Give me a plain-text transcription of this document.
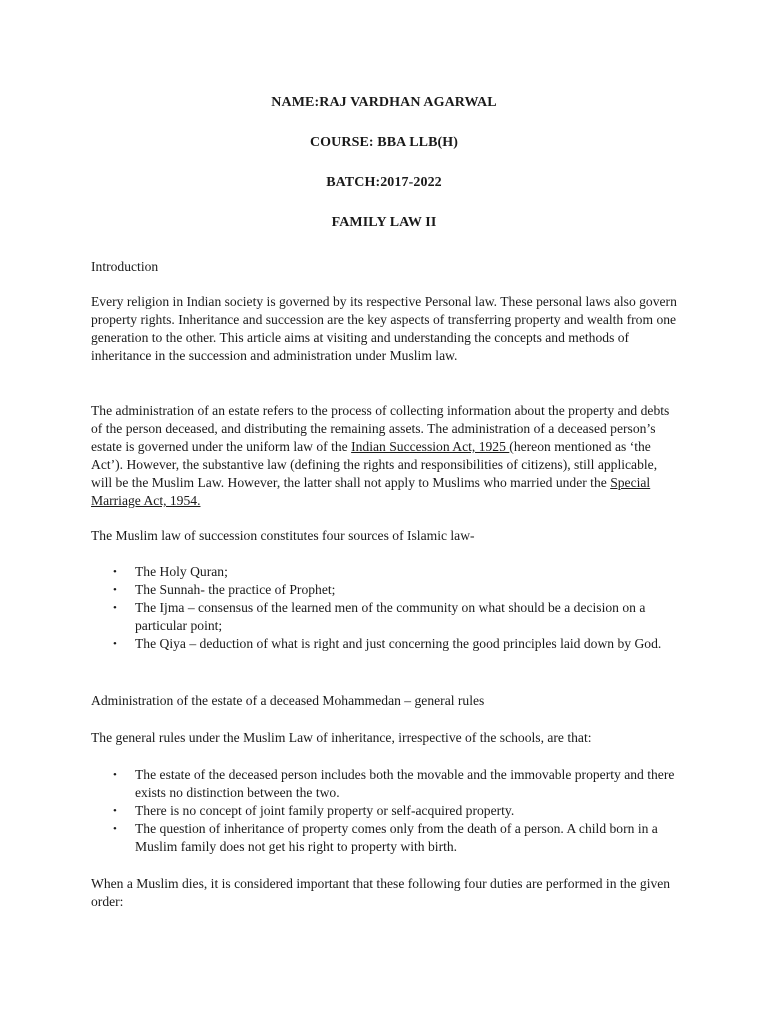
NAME:RAJ VARDHAN AGARWAL
COURSE: BBA LLB(H)
BATCH:2017-2022
FAMILY LAW II

Introduction

Every religion in Indian society is governed by its respective Personal law. These personal laws also govern property rights. Inheritance and succession are the key aspects of transferring property and wealth from one generation to the other. This article aims at visiting and understanding the concepts and methods of inheritance in the succession and administration under Muslim law.

The administration of an estate refers to the process of collecting information about the property and debts of the person deceased, and distributing the remaining assets. The administration of a deceased person’s estate is governed under the uniform law of the Indian Succession Act, 1925 (hereon mentioned as ‘the Act’). However, the substantive law (defining the rights and responsibilities of citizens), still applicable, will be the Muslim Law. However, the latter shall not apply to Muslims who married under the Special Marriage Act, 1954.

The Muslim law of succession constitutes four sources of Islamic law-

• The Holy Quran;
• The Sunnah- the practice of Prophet;
• The Ijma – consensus of the learned men of the community on what should be a decision on a particular point;
• The Qiya – deduction of what is right and just concerning the good principles laid down by God.

Administration of the estate of a deceased Mohammedan – general rules

The general rules under the Muslim Law of inheritance, irrespective of the schools, are that:

• The estate of the deceased person includes both the movable and the immovable property and there exists no distinction between the two.
• There is no concept of joint family property or self-acquired property.
• The question of inheritance of property comes only from the death of a person. A child born in a Muslim family does not get his right to property with birth.

When a Muslim dies, it is considered important that these following four duties are performed in the given order:
